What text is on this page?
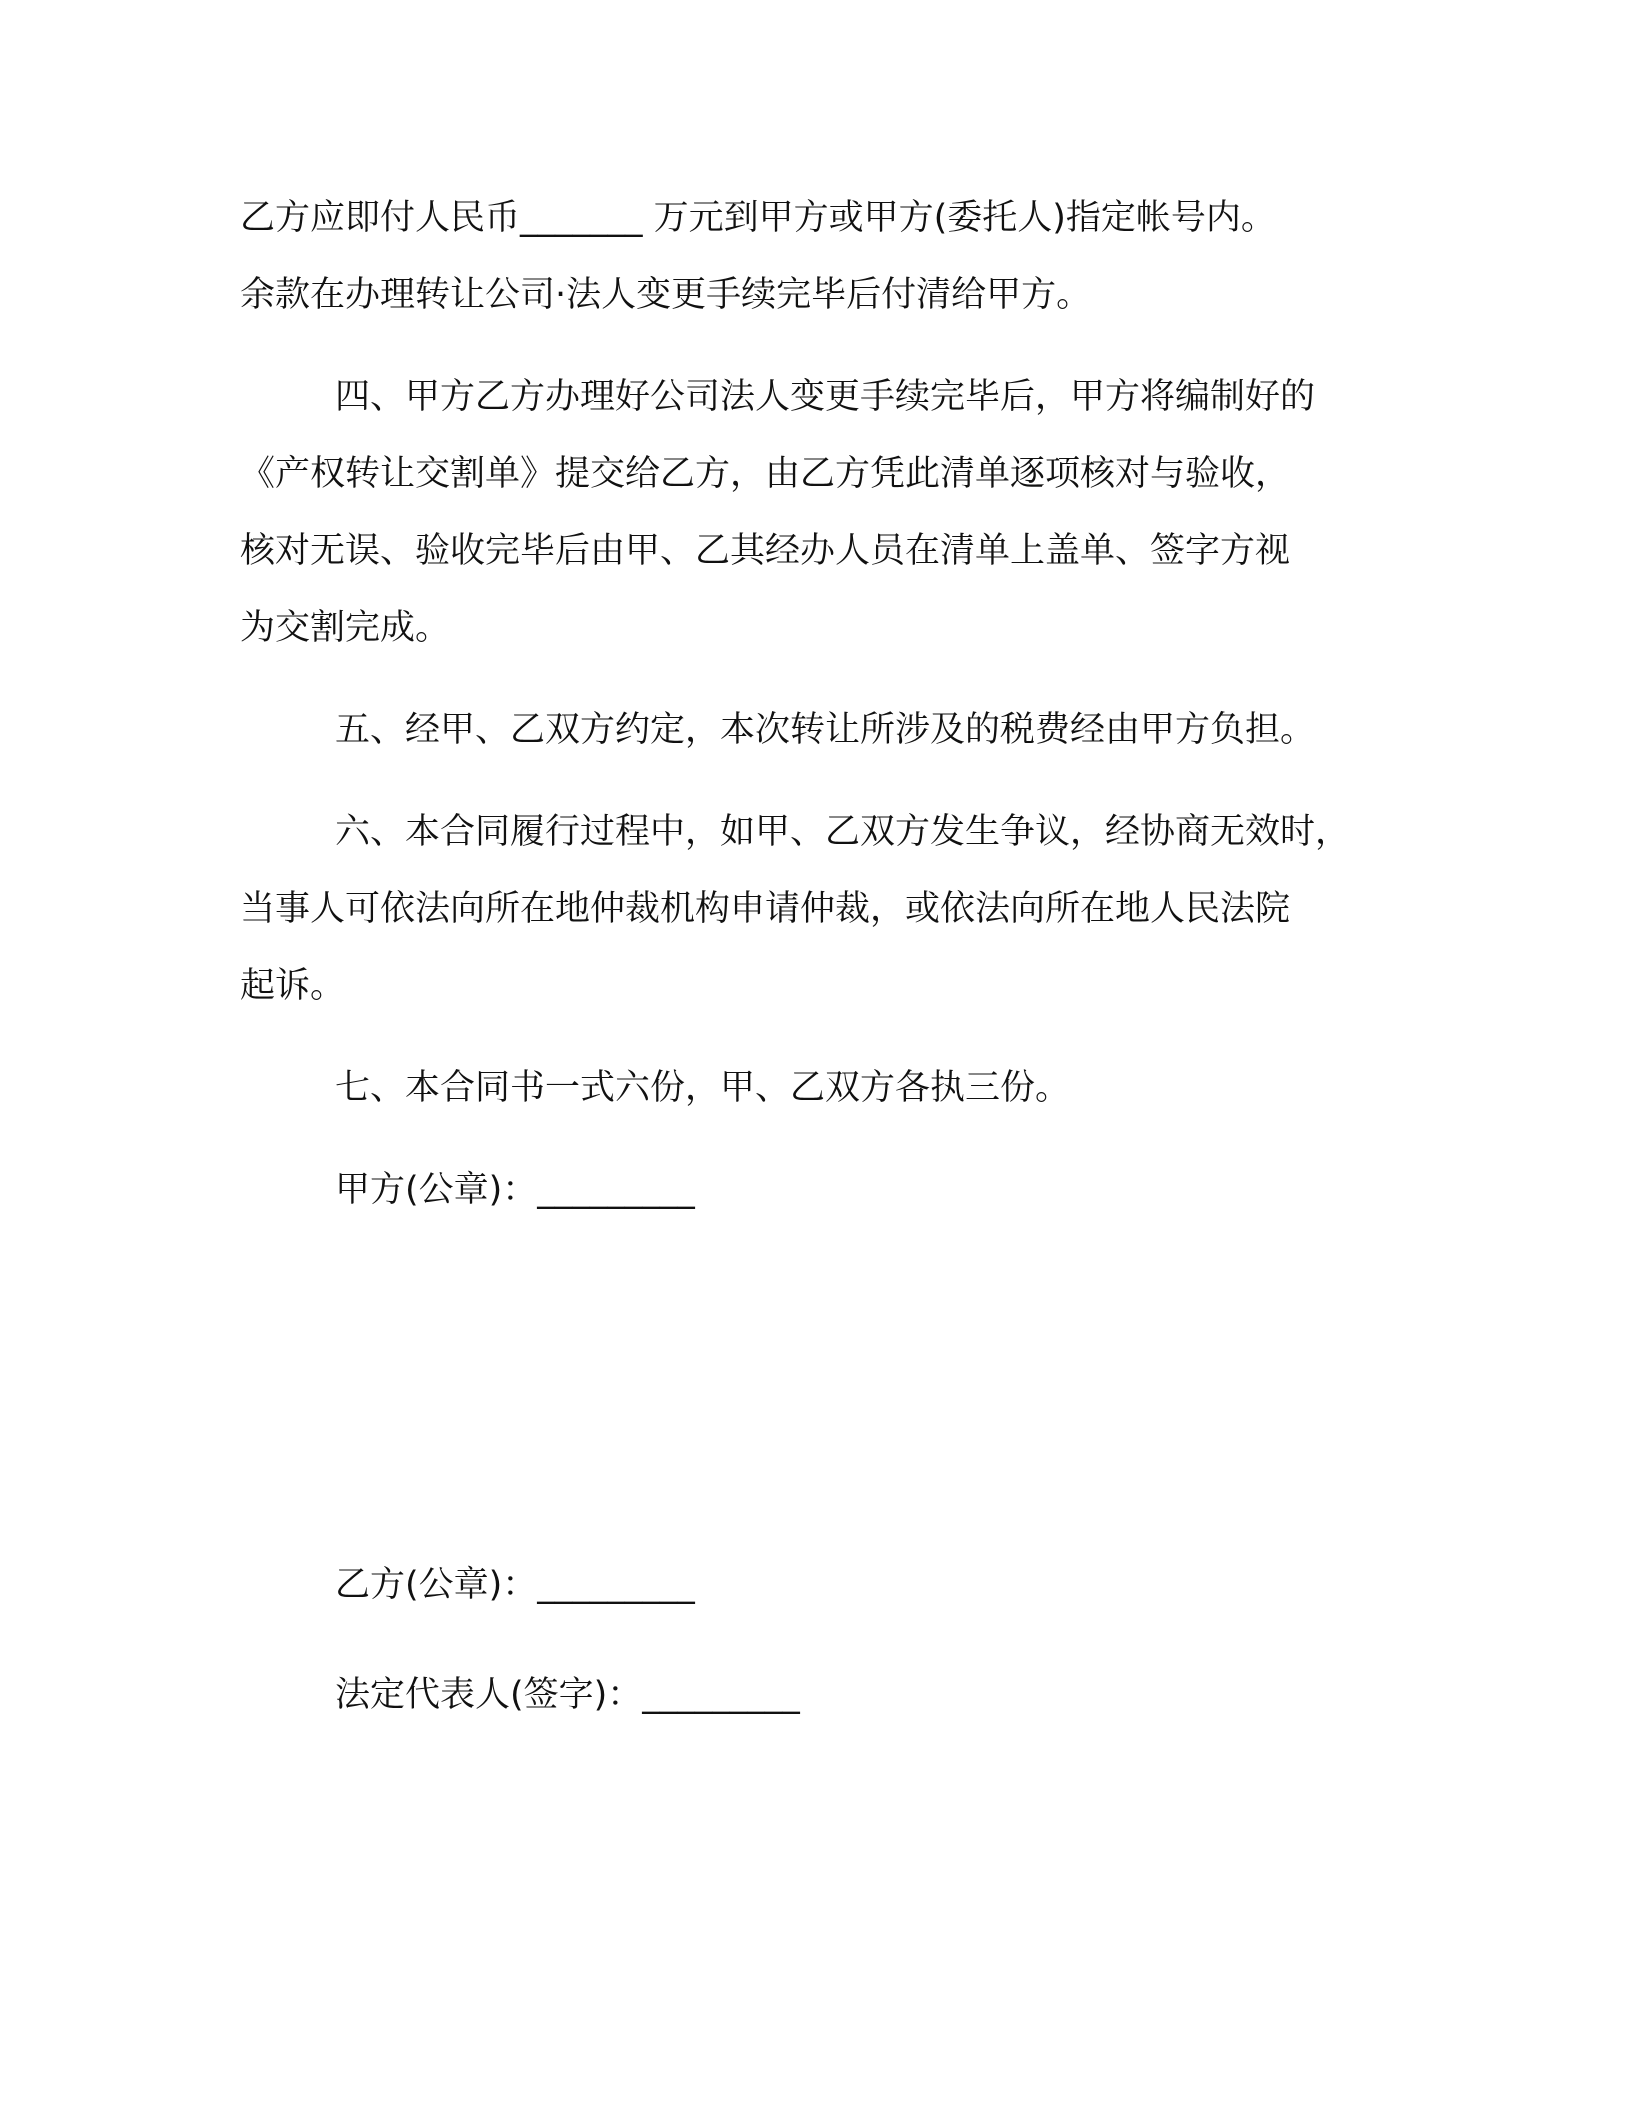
乙方应即付人民币_______ 万元到甲方或甲方(委托人)指定帐号内。
余款在办理转让公司·法人变更手续完毕后付清给甲方。
四、甲方乙方办理好公司法人变更手续完毕后，甲方将编制好的
《产权转让交割单》提交给乙方，由乙方凭此清单逐项核对与验收，
核对无误、验收完毕后由甲、乙其经办人员在清单上盖单、签字方视
为交割完成。
五、经甲、乙双方约定，本次转让所涉及的税费经由甲方负担。
六、本合同履行过程中，如甲、乙双方发生争议，经协商无效时，
当事人可依法向所在地仲裁机构申请仲裁，或依法向所在地人民法院
起诉。
七、本合同书一式六份，甲、乙双方各执三份。
甲方(公章)：_________
乙方(公章)：_________
法定代表人(签字)：_________
